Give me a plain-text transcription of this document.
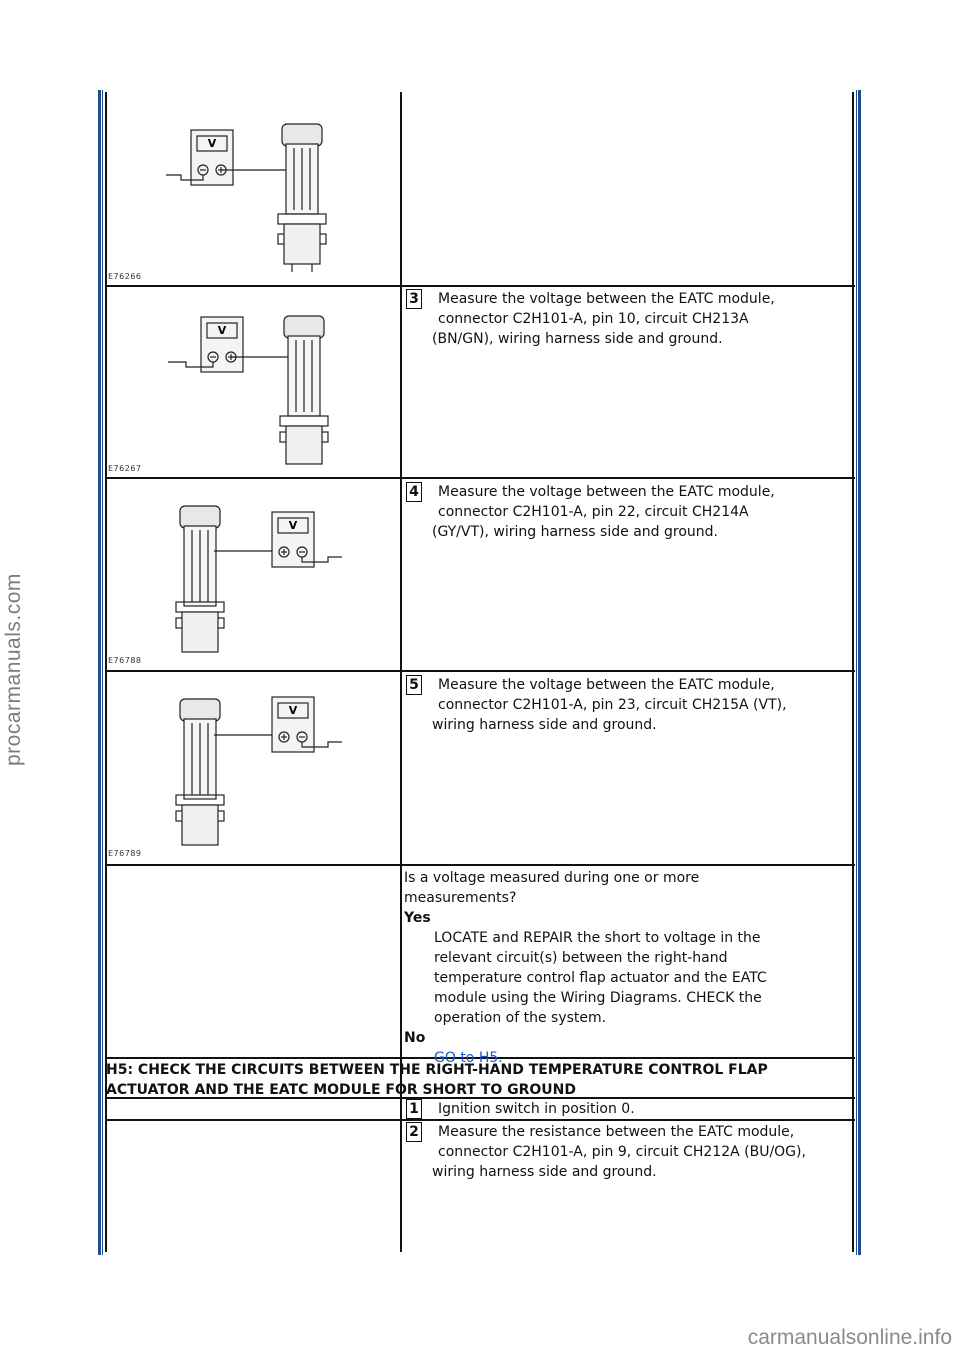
procarmanuals.com
carmanualsonline.info
V
E76266
V
E76267
V
E76788
V
E76789
3 Measure the voltage between the EATC module,
connector C2H101-A, pin 10, circuit CH213A
(BN/GN), wiring harness side and ground.
4 Measure the voltage between the EATC module,
connector C2H101-A, pin 22, circuit CH214A
(GY/VT), wiring harness side and ground.
5 Measure the voltage between the EATC module,
connector C2H101-A, pin 23, circuit CH215A (VT),
wiring harness side and ground.
Is a voltage measured during one or more
measurements?
Yes
LOCATE and REPAIR the short to voltage in the
relevant circuit(s) between the right-hand
temperature control flap actuator and the EATC
module using the Wiring Diagrams. CHECK the
operation of the system.
No
GO to H5.
H5: CHECK THE CIRCUITS BETWEEN THE RIGHT-HAND TEMPERATURE CONTROL FLAP
ACTUATOR AND THE EATC MODULE FOR SHORT TO GROUND
1 Ignition switch in position 0.
2 Measure the resistance between the EATC module,
connector C2H101-A, pin 9, circuit CH212A (BU/OG),
wiring harness side and ground.
